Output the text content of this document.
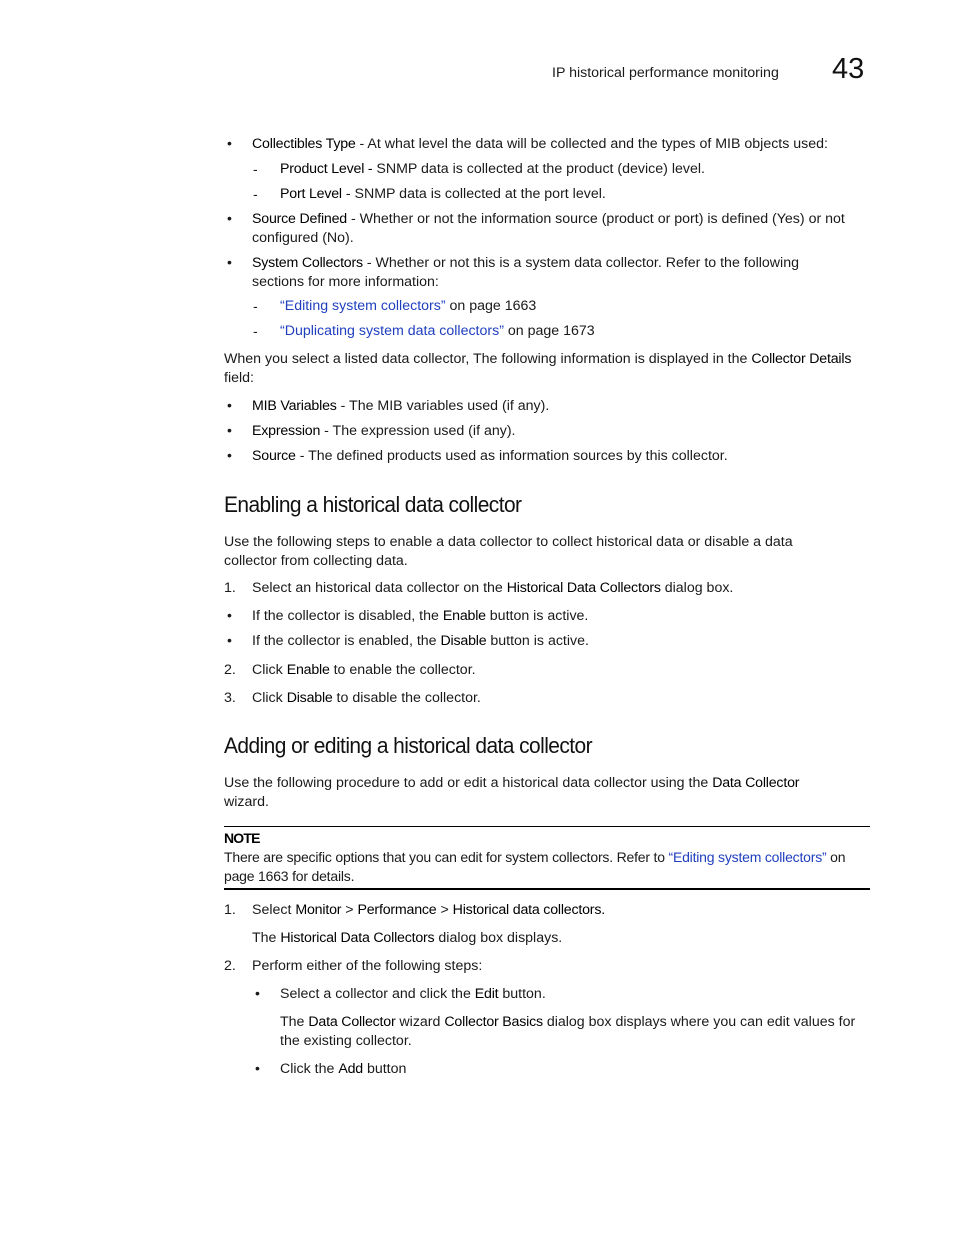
IP historical performance monitoring 43
• Collectibles Type - At what level the data will be collected and the types of MIB objects used:
- Product Level - SNMP data is collected at the product (device) level.
- Port Level - SNMP data is collected at the port level.
• Source Defined - Whether or not the information source (product or port) is defined (Yes) or not configured (No).
• System Collectors - Whether or not this is a system data collector. Refer to the following sections for more information:
- “Editing system collectors” on page 1663
- “Duplicating system data collectors” on page 1673
When you select a listed data collector, The following information is displayed in the Collector Details field:
• MIB Variables - The MIB variables used (if any).
• Expression - The expression used (if any).
• Source - The defined products used as information sources by this collector.
Enabling a historical data collector
Use the following steps to enable a data collector to collect historical data or disable a data collector from collecting data.
1. Select an historical data collector on the Historical Data Collectors dialog box.
• If the collector is disabled, the Enable button is active.
• If the collector is enabled, the Disable button is active.
2. Click Enable to enable the collector.
3. Click Disable to disable the collector.
Adding or editing a historical data collector
Use the following procedure to add or edit a historical data collector using the Data Collector wizard.
NOTE
There are specific options that you can edit for system collectors. Refer to “Editing system collectors” on page 1663 for details.
1. Select Monitor > Performance > Historical data collectors.
The Historical Data Collectors dialog box displays.
2. Perform either of the following steps:
• Select a collector and click the Edit button.
The Data Collector wizard Collector Basics dialog box displays where you can edit values for the existing collector.
• Click the Add button
